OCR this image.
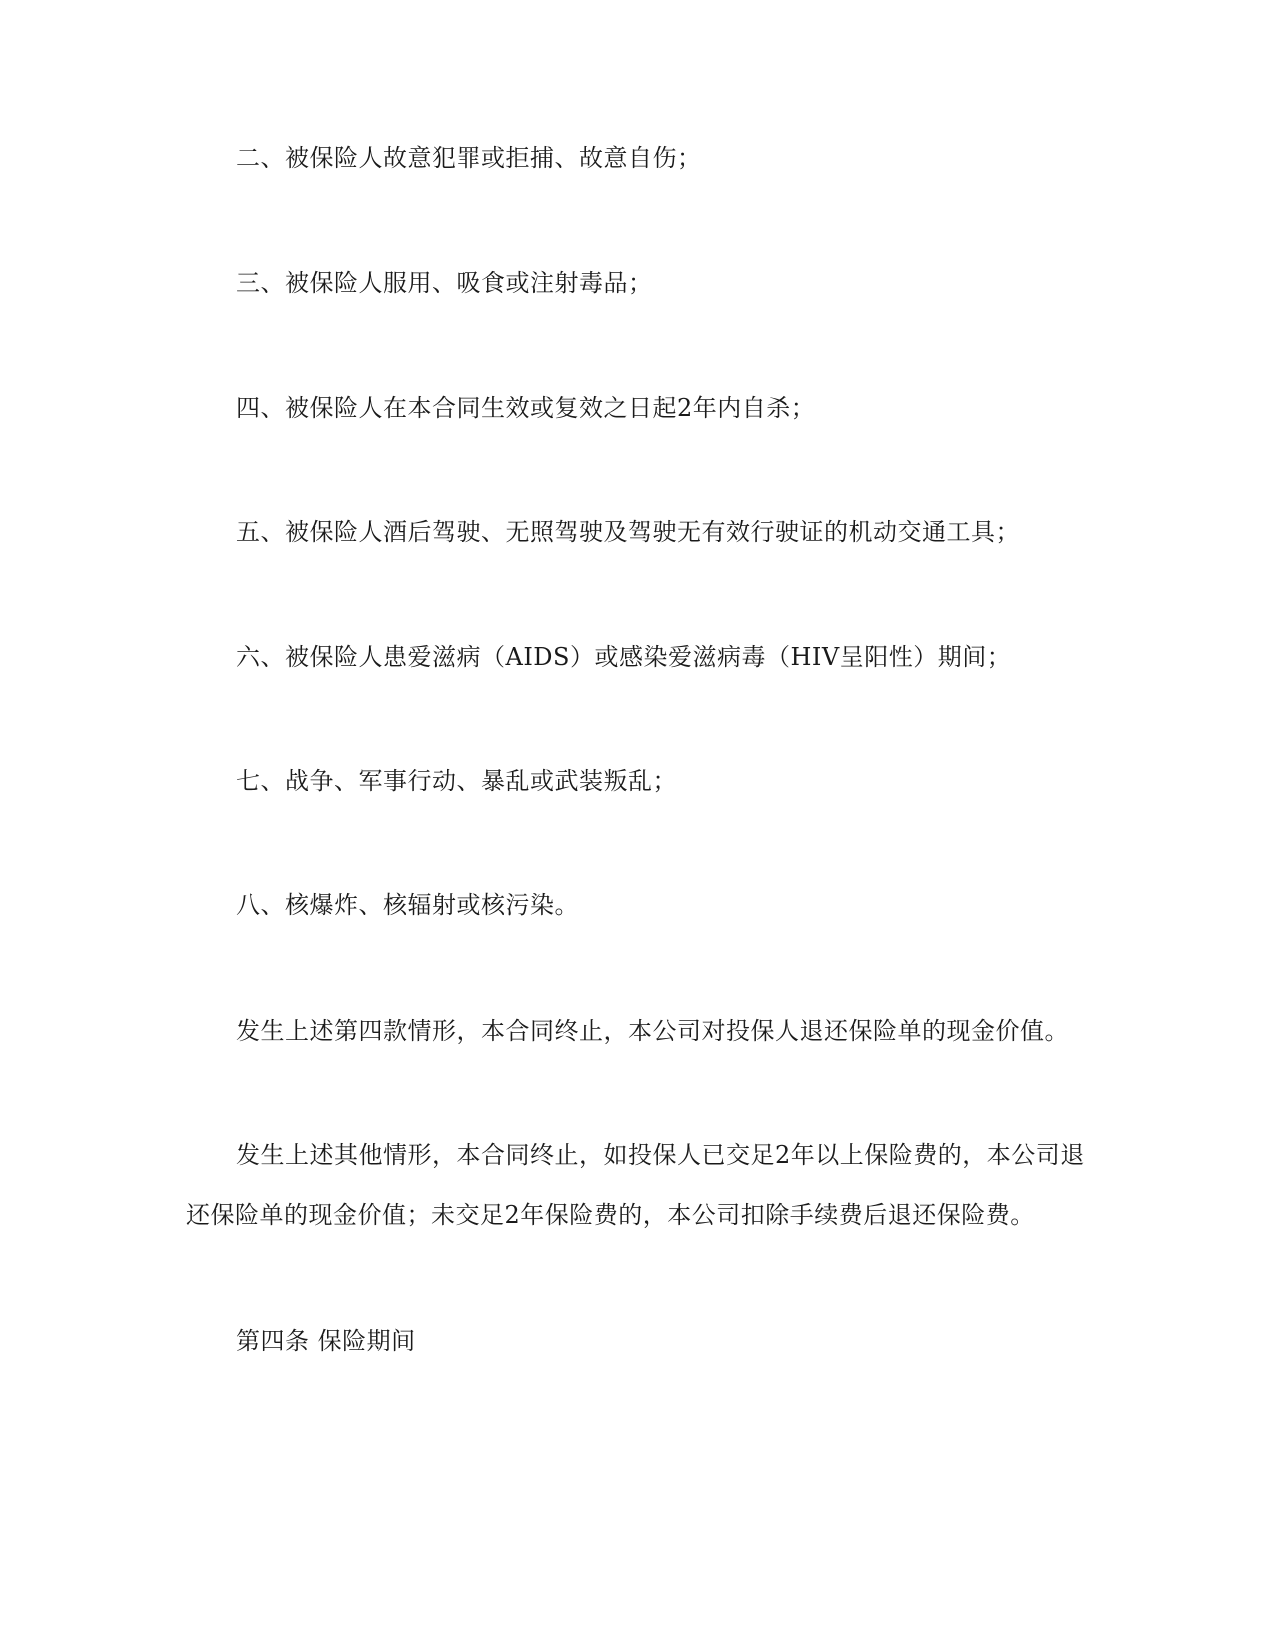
二、被保险人故意犯罪或拒捕、故意自伤；
三、被保险人服用、吸食或注射毒品；
四、被保险人在本合同生效或复效之日起2年内自杀；
五、被保险人酒后驾驶、无照驾驶及驾驶无有效行驶证的机动交通工具；
六、被保险人患爱滋病（AIDS）或感染爱滋病毒（HIV呈阳性）期间；
七、战争、军事行动、暴乱或武装叛乱；
八、核爆炸、核辐射或核污染。
发生上述第四款情形，本合同终止，本公司对投保人退还保险单的现金价值。
发生上述其他情形，本合同终止，如投保人已交足2年以上保险费的，本公司退
还保险单的现金价值；未交足2年保险费的，本公司扣除手续费后退还保险费。
第四条 保险期间
